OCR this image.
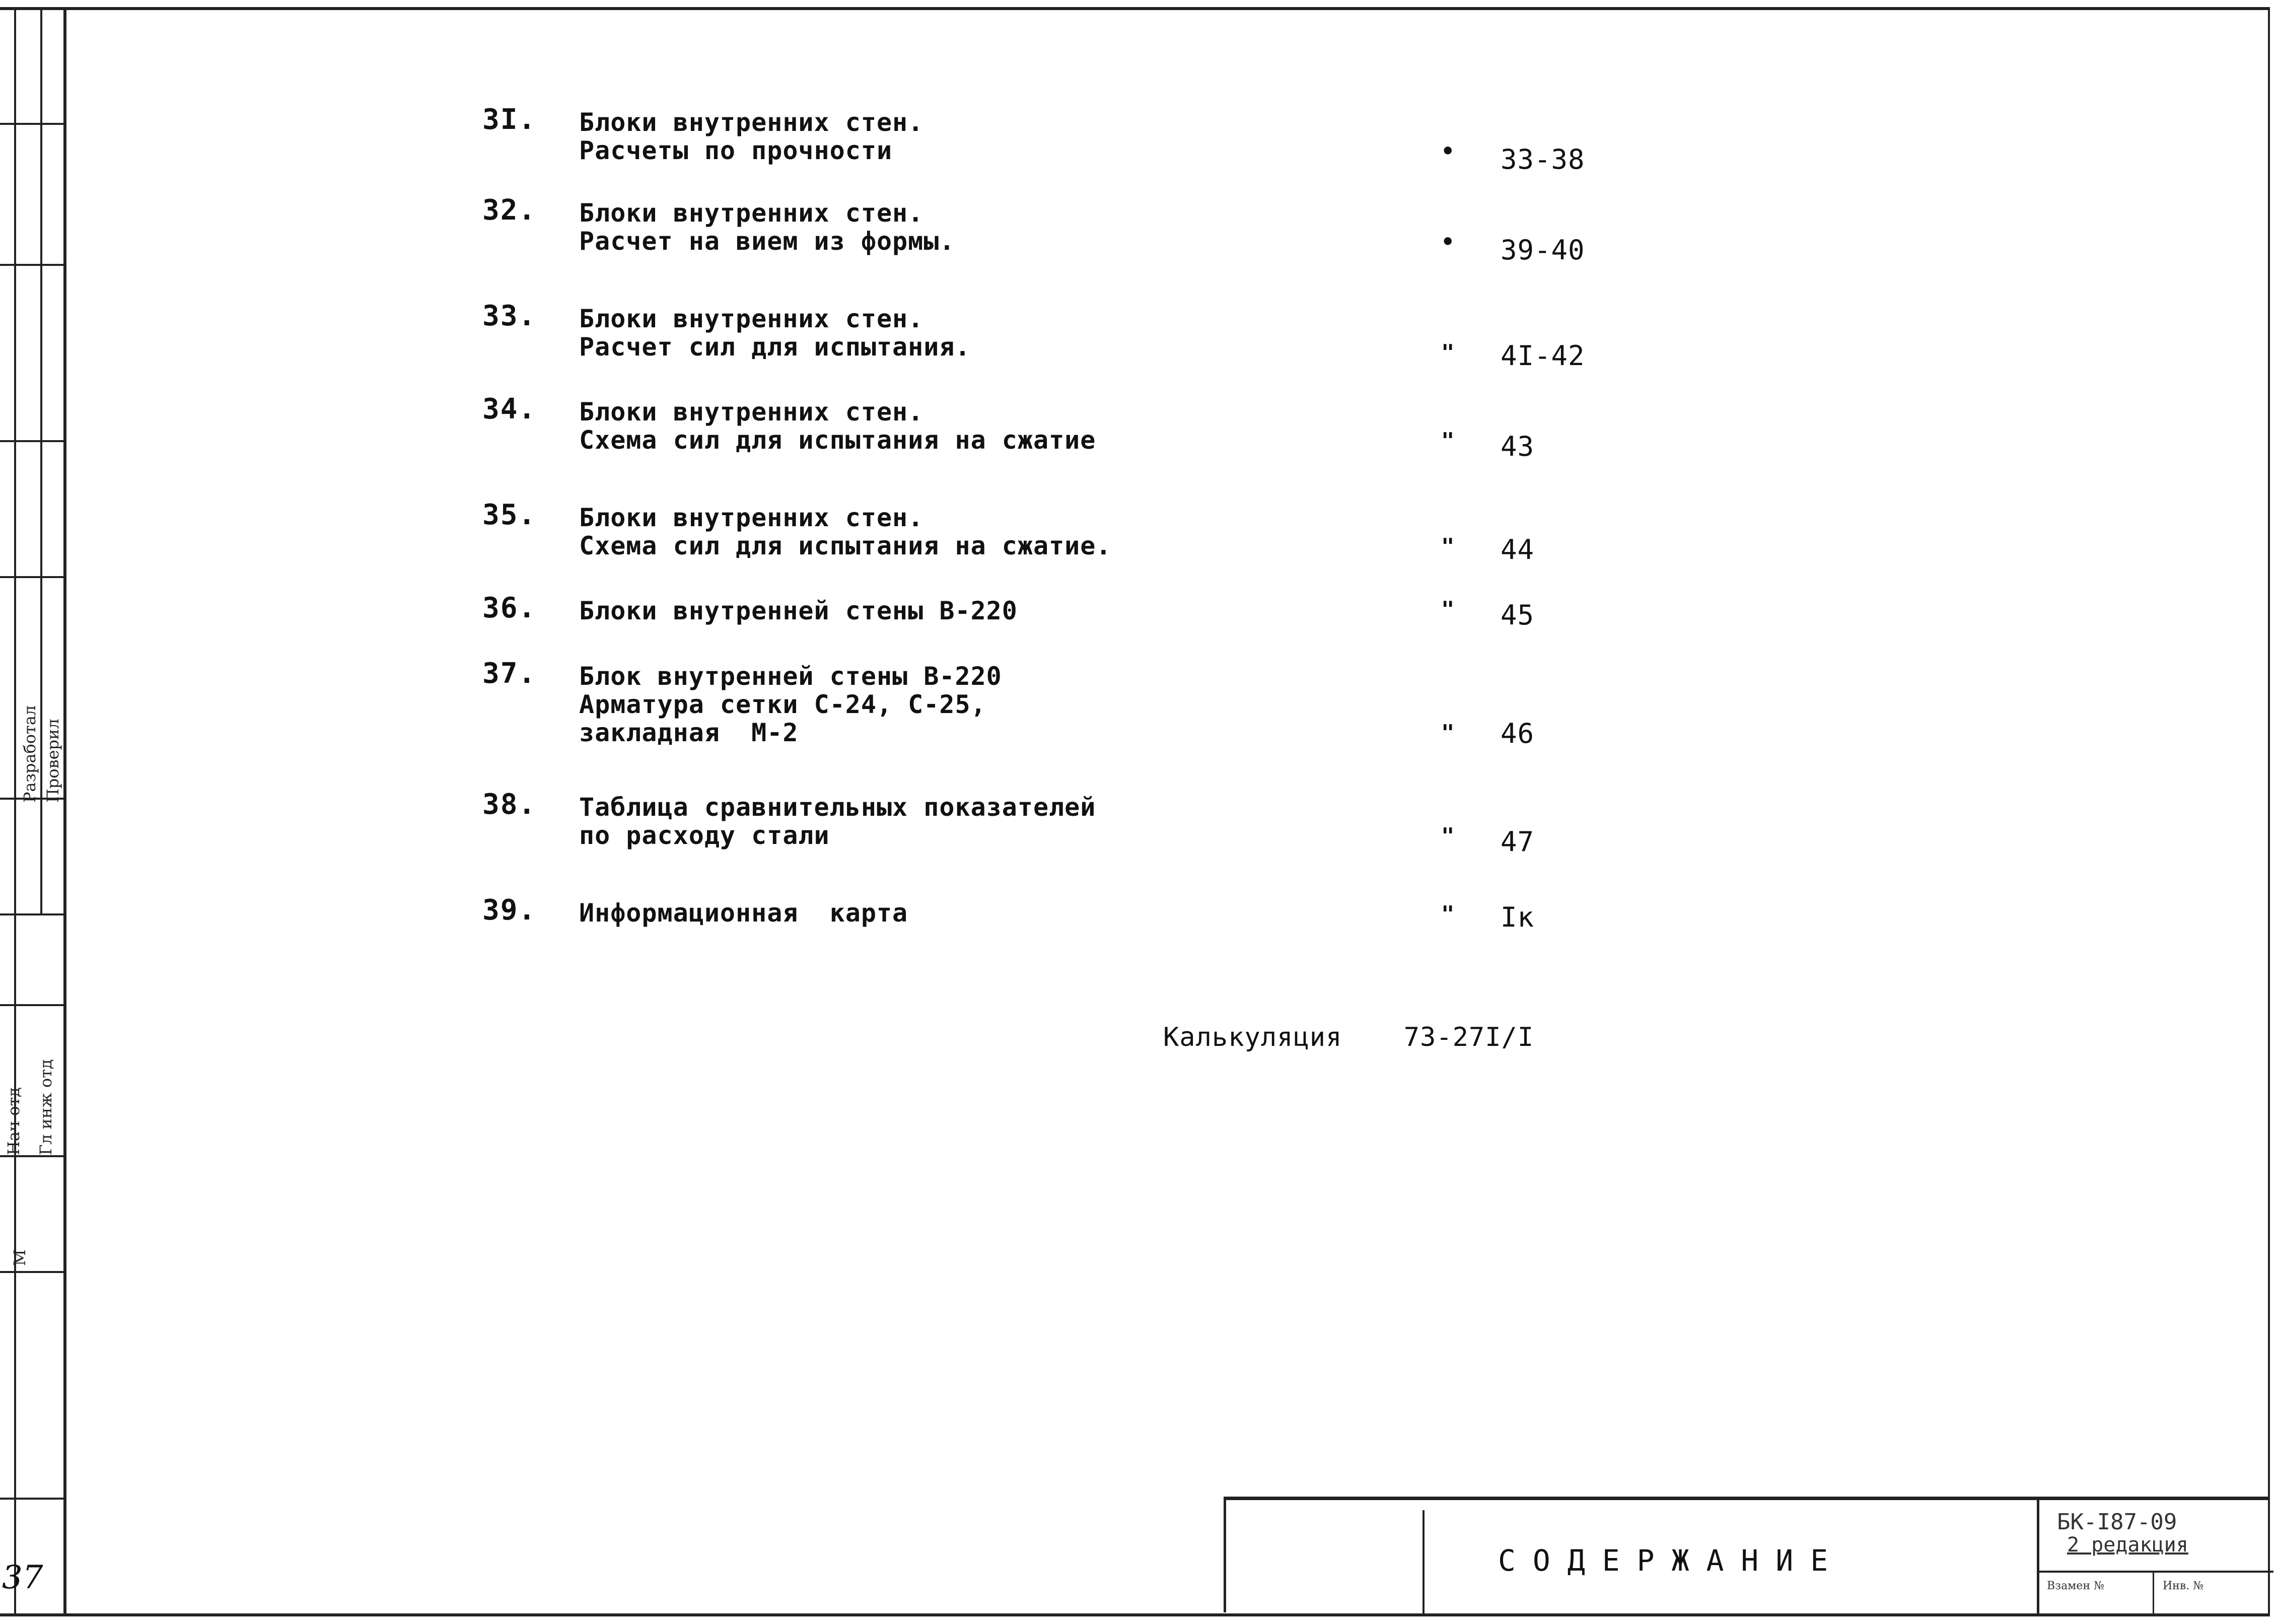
Разработал Проверил
Нач отд Гл инж отд
М
3I. Блоки внутренних стен.
Расчеты по прочности	• 33-38
32. Блоки внутренних стен.
Расчет на вием из формы.	• 39-40
33. Блоки внутренних стен.
Расчет сил для испытания.	" 4I-42
34. Блоки внутренних стен.
Схема сил для испытания на сжатие	" 43
35. Блоки внутренних стен.
Схема сил для испытания на сжатие.	" 44
36. Блоки внутренней стены В-220	" 45
37. Блок внутренней стены В-220
Арматура сетки С-24, С-25,
закладная  М-2	" 46
38. Таблица сравнительных показателей
по расходу стали	" 47
39. Информационная  карта	" Iк
Калькуляция 73-27I/I
СОДЕРЖАНИЕ
БК-I87-09
2 редакция
Взамен №	Инв. №
37
